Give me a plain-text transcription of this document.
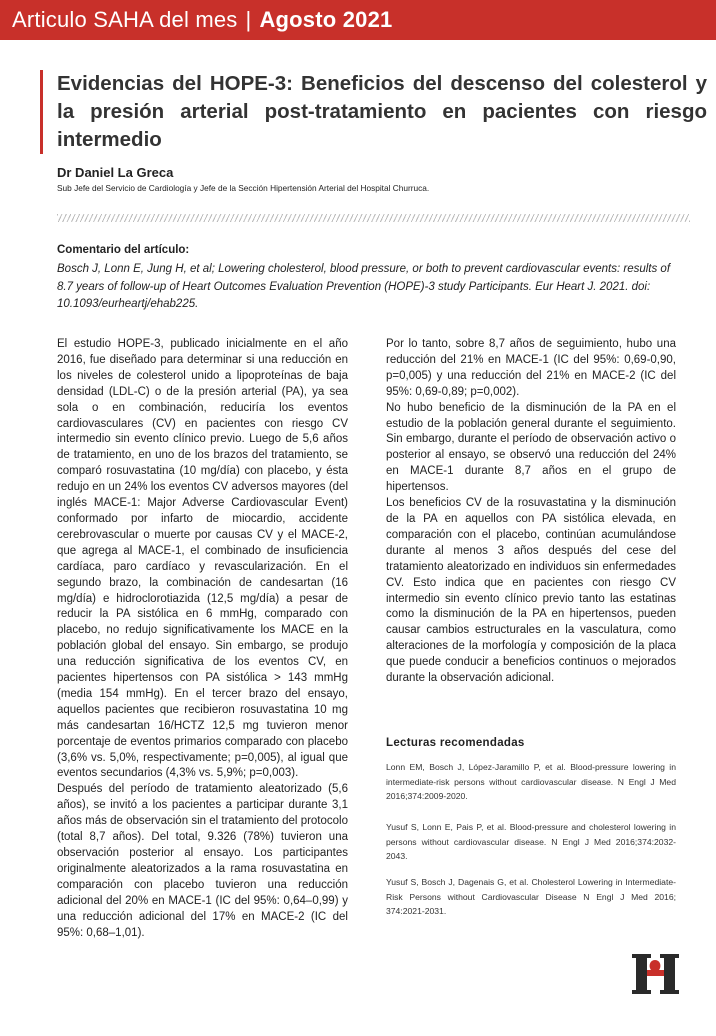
Articulo SAHA del mes | Agosto 2021
Evidencias del HOPE-3: Beneficios del descenso del colesterol y la presión arterial post-tratamiento en pacientes con riesgo intermedio
Dr Daniel La Greca
Sub Jefe del Servicio de Cardiología y Jefe de la Sección Hipertensión Arterial del Hospital Churruca.
Comentario del artículo:
Bosch J, Lonn E, Jung H, et al; Lowering cholesterol, blood pressure, or both to prevent cardiovascular events: results of 8.7 years of follow-up of Heart Outcomes Evaluation Prevention (HOPE)-3 study Participants. Eur Heart J. 2021. doi: 10.1093/eurheartj/ehab225.

El estudio HOPE-3, publicado inicialmente en el año 2016, fue diseñado para determinar si una reducción en los niveles de colesterol unido a lipoproteínas de baja densidad (LDL-C) o de la presión arterial (PA), ya sea sola o en combinación, reduciría los eventos cardiovasculares (CV) en pacientes con riesgo CV intermedio sin evento clínico previo. Luego de 5,6 años de tratamiento, en uno de los brazos del tratamiento, se comparó rosuvastatina (10 mg/día) con placebo, y ésta redujo en un 24% los eventos CV adversos mayores (del inglés MACE-1: Major Adverse Cardiovascular Event) conformado por infarto de miocardio, accidente cerebrovascular o muerte por causas CV y el MACE-2, que agrega al MACE-1, el combinado de insuficiencia cardíaca, paro cardíaco y revascularización. En el segundo brazo, la combinación de candesartan (16 mg/día) e hidroclorotiazida (12,5 mg/día) a pesar de reducir la PA sistólica en 6 mmHg, comparado con placebo, no redujo significativamente los MACE en la población global del ensayo. Sin embargo, se produjo una reducción significativa de los eventos CV, en pacientes hipertensos con PA sistólica > 143 mmHg (media 154 mmHg). En el tercer brazo del ensayo, aquellos pacientes que recibieron rosuvastatina 10 mg más candesartan 16/HCTZ 12,5 mg tuvieron menor porcentaje de eventos primarios comparado con placebo (3,6% vs. 5,0%, respectivamente; p=0,005), al igual que eventos secundarios (4,3% vs. 5,9%; p=0,003).

Después del período de tratamiento aleatorizado (5,6 años), se invitó a los pacientes a participar durante 3,1 años más de observación sin el tratamiento del protocolo (total 8,7 años). Del total, 9.326 (78%) tuvieron una observación posterior al ensayo. Los participantes originalmente aleatorizados a la rama rosuvastatina en comparación con placebo tuvieron una reducción adicional del 20% en MACE-1 (IC del 95%: 0,64–0,99) y una reducción adicional del 17% en MACE-2 (IC del 95%: 0,68–1,01).

Por lo tanto, sobre 8,7 años de seguimiento, hubo una reducción del 21% en MACE-1 (IC del 95%: 0,69-0,90, p=0,005) y una reducción del 21% en MACE-2 (IC del 95%: 0,69-0,89; p=0,002).

No hubo beneficio de la disminución de la PA en el estudio de la población general durante el seguimiento. Sin embargo, durante el período de observación activo o posterior al ensayo, se observó una reducción del 24% en MACE-1 durante 8,7 años en el grupo de hipertensos.

Los beneficios CV de la rosuvastatina y la disminución de la PA en aquellos con PA sistólica elevada, en comparación con el placebo, continúan acumulándose durante al menos 3 años después del cese del tratamiento aleatorizado en individuos sin enfermedades CV. Esto indica que en pacientes con riesgo CV intermedio sin evento clínico previo tanto las estatinas como la disminución de la PA en hipertensos, pueden causar cambios estructurales en la vasculatura, como alteraciones de la morfología y composición de la placa que puede conducir a beneficios continuos o mejorados durante la observación adicional.

Lecturas recomendadas
Lonn EM, Bosch J, López-Jaramillo P, et al. Blood-pressure lowering in intermediate-risk persons without cardiovascular disease. N Engl J Med 2016;374:2009-2020.
Yusuf S, Lonn E, Pais P, et al. Blood-pressure and cholesterol lowering in persons without cardiovascular disease. N Engl J Med 2016;374:2032-2043.
Yusuf S, Bosch J, Dagenais G, et al. Cholesterol Lowering in Intermediate-Risk Persons without Cardiovascular Disease N Engl J Med 2016; 374:2021-2031.
